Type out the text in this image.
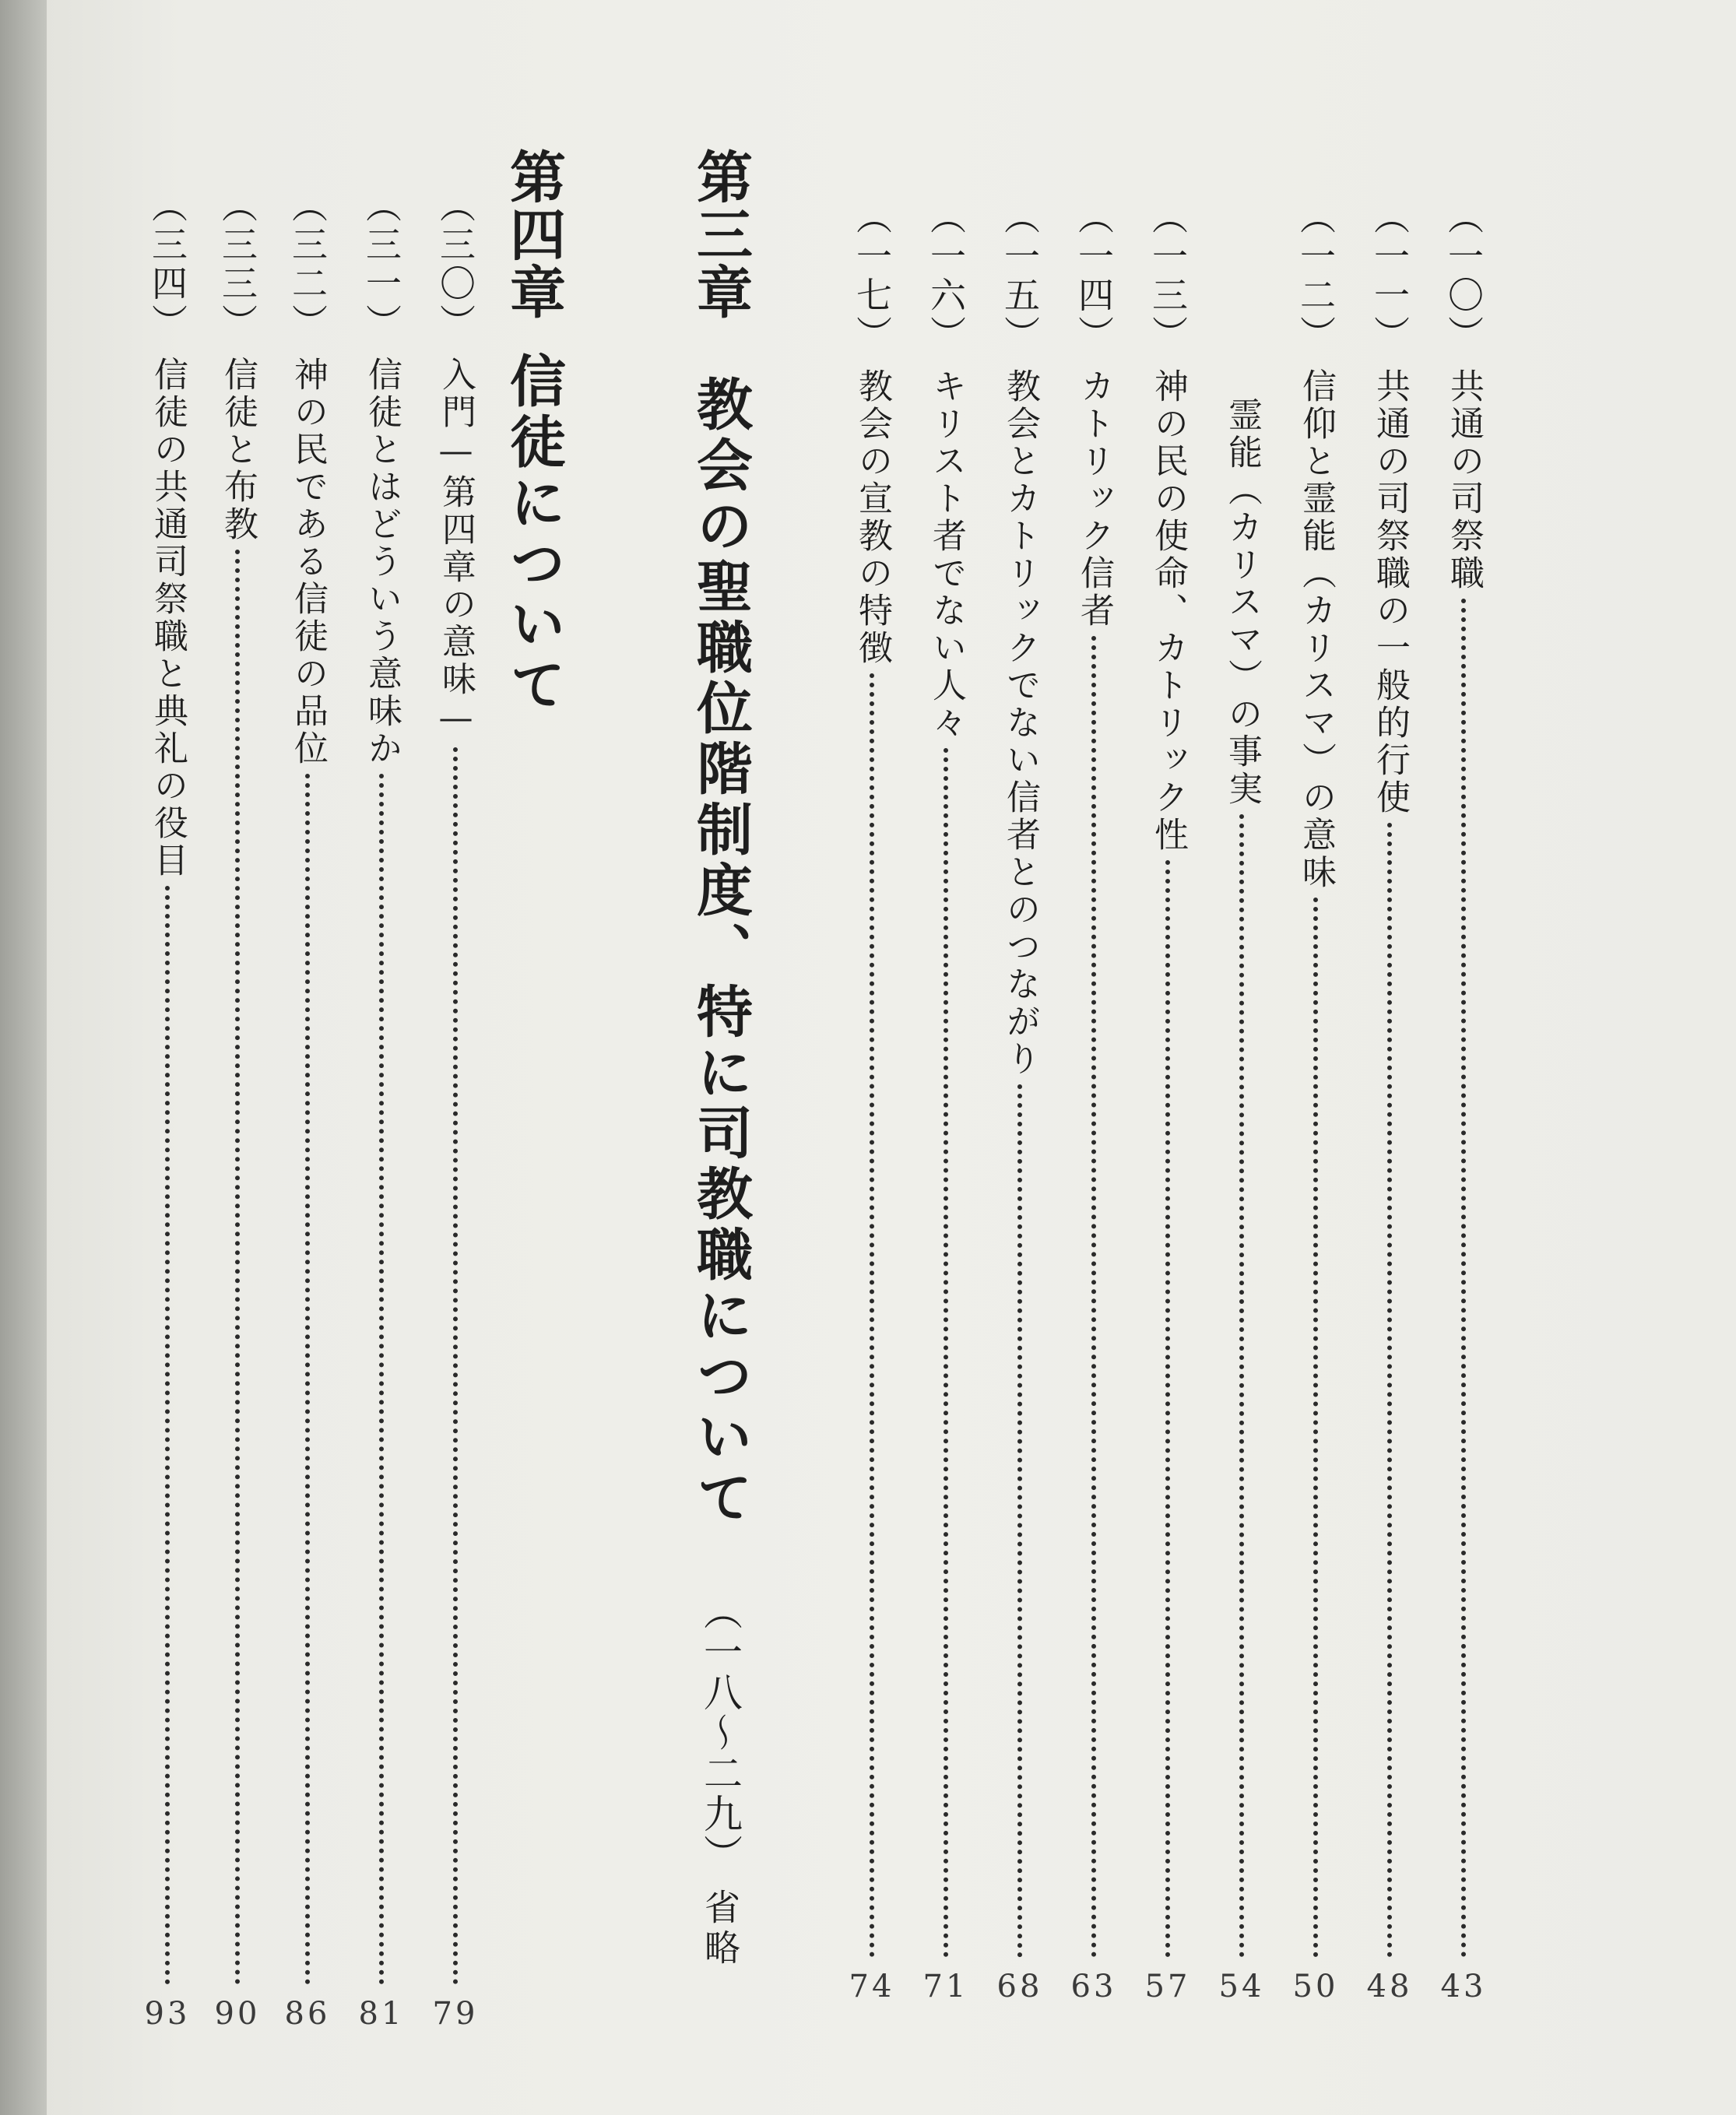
（一〇）
共通の司祭職
43
（一一）
共通の司祭職の一般的行使
48
（一二）
信仰と霊能（カリスマ）の意味
50
霊能（カリスマ）の事実
54
（一三）
神の民の使命、カトリック性
57
（一四）
カトリック信者
63
（一五）
教会とカトリックでない信者とのつながり
68
（一六）
キリスト者でない人々
71
（一七）
教会の宣教の特徴
74
第三章
教会の聖職位階制度、特に司教職について
（一八〜二九）
省略
第四章
信徒について
（三〇）
入門—第四章の意味—
79
（三一）
信徒とはどういう意味か
81
（三二）
神の民である信徒の品位
86
（三三）
信徒と布教
90
（三四）
信徒の共通司祭職と典礼の役目
93
